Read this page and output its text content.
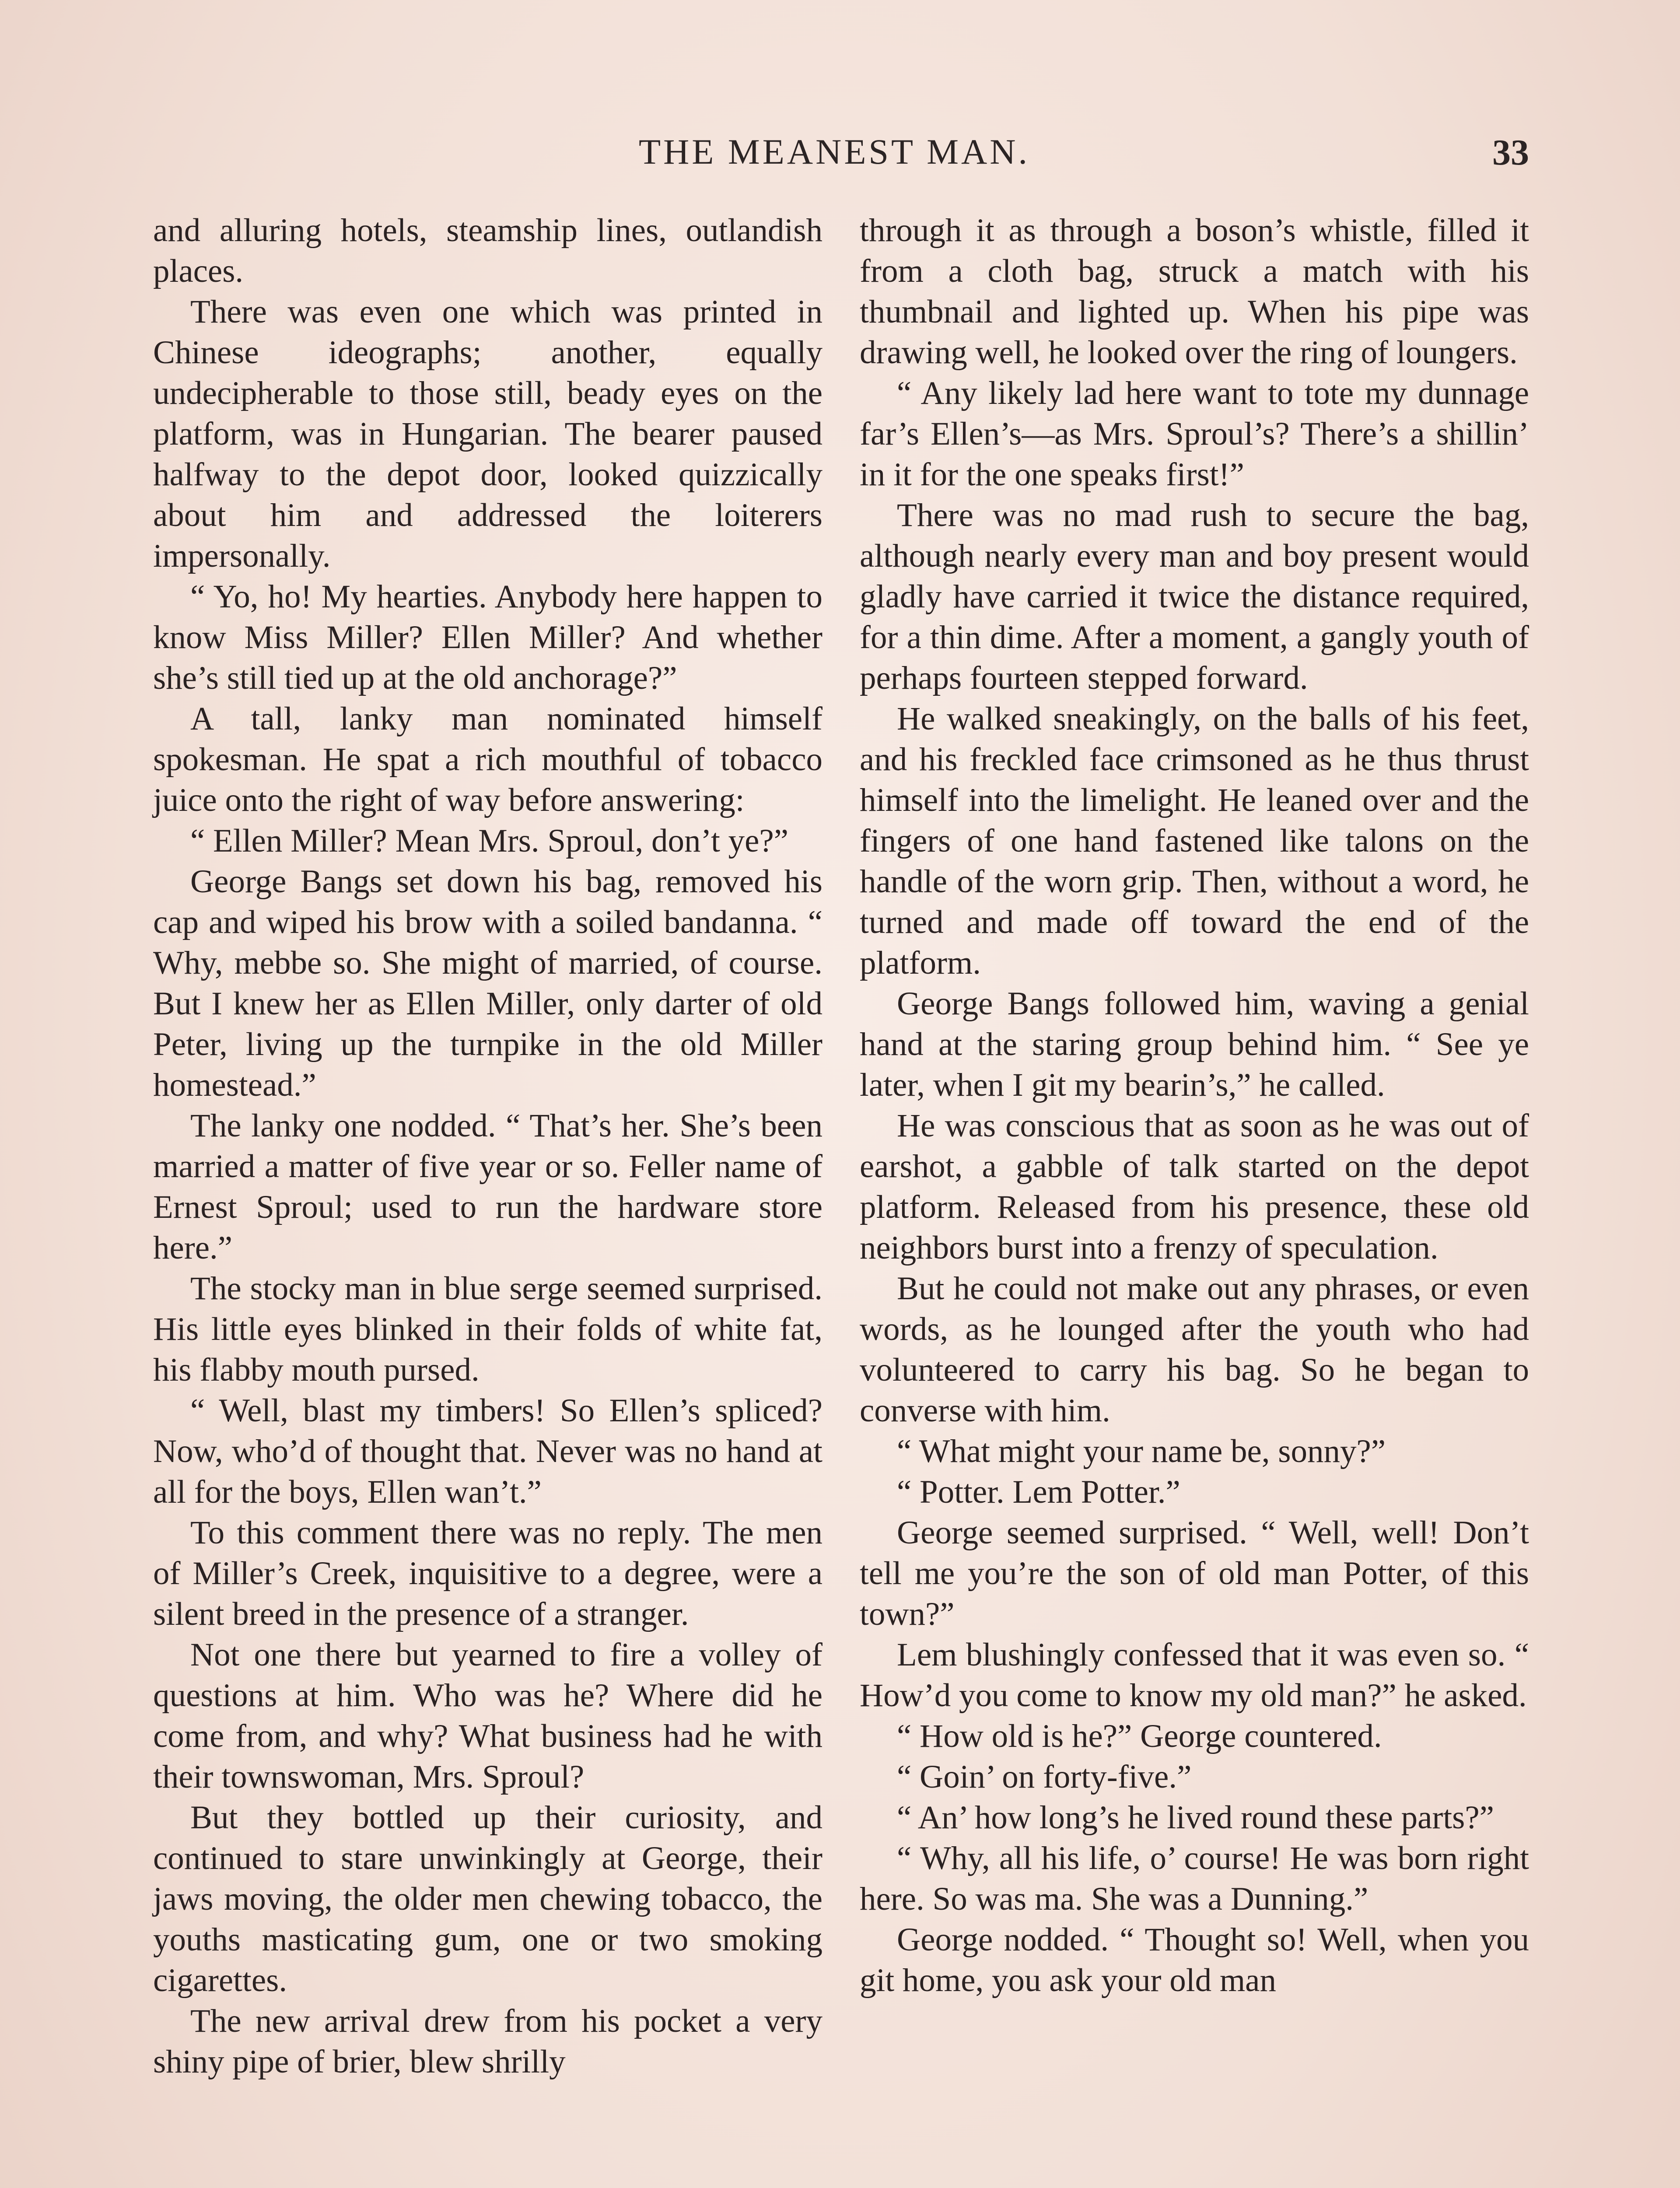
THE MEANEST MAN.	33

and alluring hotels, steamship lines, outlandish places.

There was even one which was printed in Chinese ideographs; another, equally undecipherable to those still, beady eyes on the platform, was in Hungarian. The bearer paused halfway to the depot door, looked quizzically about him and addressed the loiterers impersonally.

“ Yo, ho! My hearties. Anybody here happen to know Miss Miller? Ellen Miller? And whether she’s still tied up at the old anchorage?”

A tall, lanky man nominated himself spokesman. He spat a rich mouthful of tobacco juice onto the right of way before answering:

“ Ellen Miller? Mean Mrs. Sproul, don’t ye?”

George Bangs set down his bag, removed his cap and wiped his brow with a soiled bandanna. “ Why, mebbe so. She might of married, of course. But I knew her as Ellen Miller, only darter of old Peter, living up the turnpike in the old Miller homestead.”

The lanky one nodded. “ That’s her. She’s been married a matter of five year or so. Feller name of Ernest Sproul; used to run the hardware store here.”

The stocky man in blue serge seemed surprised. His little eyes blinked in their folds of white fat, his flabby mouth pursed.

“ Well, blast my timbers! So Ellen’s spliced? Now, who’d of thought that. Never was no hand at all for the boys, Ellen wan’t.”

To this comment there was no reply. The men of Miller’s Creek, inquisitive to a degree, were a silent breed in the presence of a stranger.

Not one there but yearned to fire a volley of questions at him. Who was he? Where did he come from, and why? What business had he with their townswoman, Mrs. Sproul?

But they bottled up their curiosity, and continued to stare unwinkingly at George, their jaws moving, the older men chewing tobacco, the youths masticating gum, one or two smoking cigarettes.

The new arrival drew from his pocket a very shiny pipe of brier, blew shrilly

through it as through a boson’s whistle, filled it from a cloth bag, struck a match with his thumbnail and lighted up. When his pipe was drawing well, he looked over the ring of loungers.

“ Any likely lad here want to tote my dunnage far’s Ellen’s—as Mrs. Sproul’s? There’s a shillin’ in it for the one speaks first!”

There was no mad rush to secure the bag, although nearly every man and boy present would gladly have carried it twice the distance required, for a thin dime. After a moment, a gangly youth of perhaps fourteen stepped forward.

He walked sneakingly, on the balls of his feet, and his freckled face crimsoned as he thus thrust himself into the limelight. He leaned over and the fingers of one hand fastened like talons on the handle of the worn grip. Then, without a word, he turned and made off toward the end of the platform.

George Bangs followed him, waving a genial hand at the staring group behind him. “ See ye later, when I git my bearin’s,” he called.

He was conscious that as soon as he was out of earshot, a gabble of talk started on the depot platform. Released from his presence, these old neighbors burst into a frenzy of speculation.

But he could not make out any phrases, or even words, as he lounged after the youth who had volunteered to carry his bag. So he began to converse with him.

“ What might your name be, sonny?”

“ Potter. Lem Potter.”

George seemed surprised. “ Well, well! Don’t tell me you’re the son of old man Potter, of this town?”

Lem blushingly confessed that it was even so. “ How’d you come to know my old man?” he asked.

“ How old is he?” George countered.

“ Goin’ on forty-five.”

“ An’ how long’s he lived round these parts?”

“ Why, all his life, o’ course! He was born right here. So was ma. She was a Dunning.”

George nodded. “ Thought so! Well, when you git home, you ask your old man
